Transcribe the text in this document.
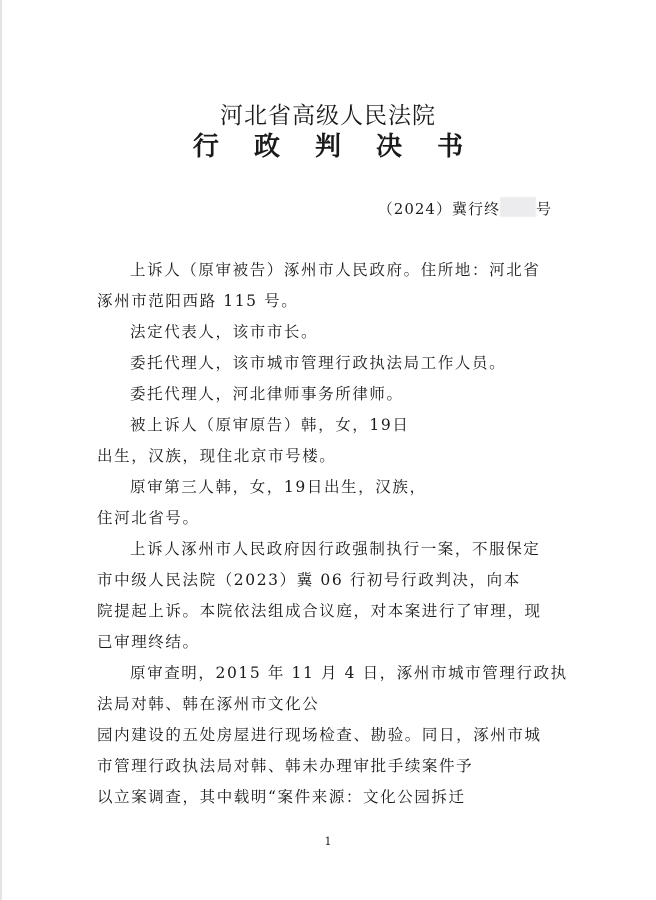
河北省高级人民法院
行 政 判 决 书
（2024）冀行终 号
上诉人（原审被告）涿州市人民政府。住所地：河北省
涿州市范阳西路 115 号。
法定代表人，该市市长。
委托代理人，该市城市管理行政执法局工作人员。
委托代理人，河北律师事务所律师。
被上诉人（原审原告）韩，女，19日
出生，汉族，现住北京市号楼。
原审第三人韩，女，19日出生，汉族，
住河北省号。
上诉人涿州市人民政府因行政强制执行一案，不服保定
市中级人民法院（2023）冀 06 行初号行政判决，向本
院提起上诉。本院依法组成合议庭，对本案进行了审理，现
已审理终结。
原审查明，2015 年 11 月 4 日，涿州市城市管理行政执
法局对韩、韩在涿州市文化公
园内建设的五处房屋进行现场检查、勘验。同日，涿州市城
市管理行政执法局对韩、韩未办理审批手续案件予
以立案调查，其中载明“案件来源：文化公园拆迁
1
